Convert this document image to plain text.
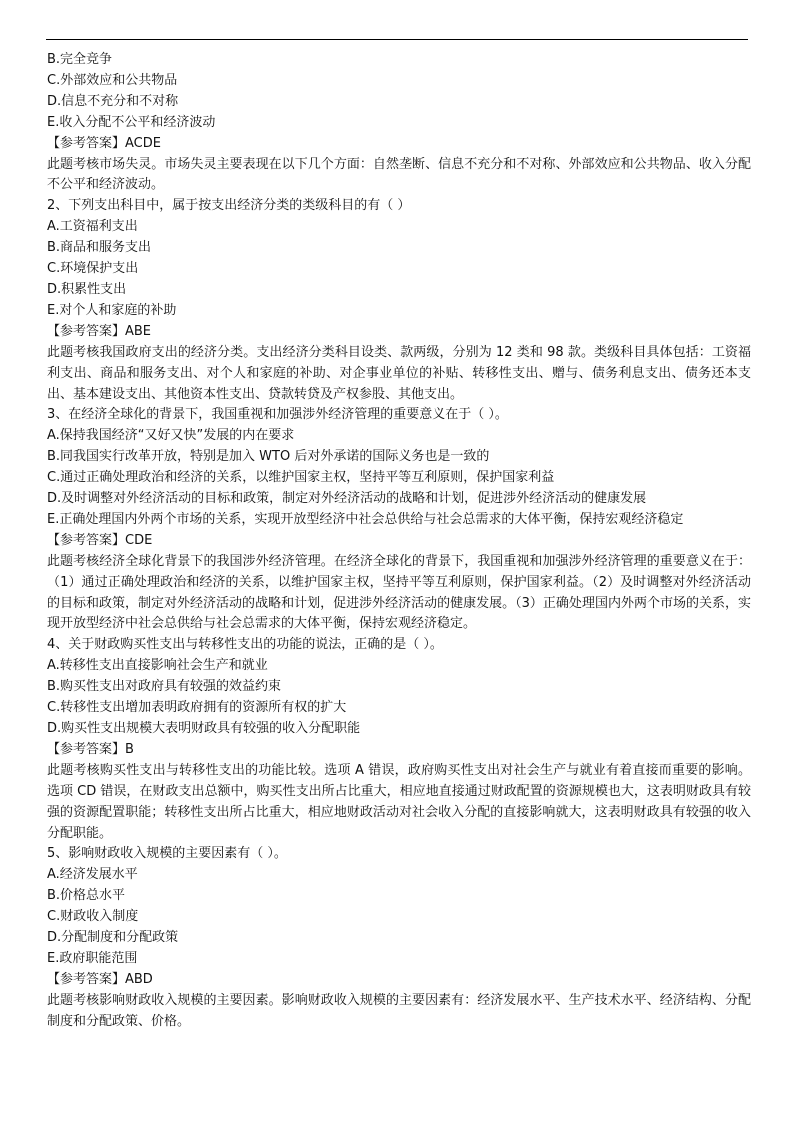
B.完全竞争
C.外部效应和公共物品
D.信息不充分和不对称
E.收入分配不公平和经济波动
【参考答案】ACDE
此题考核市场失灵。市场失灵主要表现在以下几个方面：自然垄断、信息不充分和不对称、外部效应和公共物品、收入分配不公平和经济波动。
2、下列支出科目中，属于按支出经济分类的类级科目的有（ ）
A.工资福利支出
B.商品和服务支出
C.环境保护支出
D.积累性支出
E.对个人和家庭的补助
【参考答案】ABE
此题考核我国政府支出的经济分类。支出经济分类科目设类、款两级，分别为 12 类和 98 款。类级科目具体包括：工资福利支出、商品和服务支出、对个人和家庭的补助、对企事业单位的补贴、转移性支出、赠与、债务利息支出、债务还本支出、基本建设支出、其他资本性支出、贷款转贷及产权参股、其他支出。
3、在经济全球化的背景下，我国重视和加强涉外经济管理的重要意义在于（ ）。
A.保持我国经济“又好又快”发展的内在要求
B.同我国实行改革开放，特别是加入 WTO 后对外承诺的国际义务也是一致的
C.通过正确处理政治和经济的关系，以维护国家主权，坚持平等互利原则，保护国家利益
D.及时调整对外经济活动的目标和政策，制定对外经济活动的战略和计划，促进涉外经济活动的健康发展
E.正确处理国内外两个市场的关系，实现开放型经济中社会总供给与社会总需求的大体平衡，保持宏观经济稳定
【参考答案】CDE
此题考核经济全球化背景下的我国涉外经济管理。在经济全球化的背景下，我国重视和加强涉外经济管理的重要意义在于：（1）通过正确处理政治和经济的关系，以维护国家主权，坚持平等互利原则，保护国家利益。（2）及时调整对外经济活动的目标和政策，制定对外经济活动的战略和计划，促进涉外经济活动的健康发展。（3）正确处理国内外两个市场的关系，实现开放型经济中社会总供给与社会总需求的大体平衡，保持宏观经济稳定。
4、关于财政购买性支出与转移性支出的功能的说法，正确的是（ ）。
A.转移性支出直接影响社会生产和就业
B.购买性支出对政府具有较强的效益约束
C.转移性支出增加表明政府拥有的资源所有权的扩大
D.购买性支出规模大表明财政具有较强的收入分配职能
【参考答案】B
此题考核购买性支出与转移性支出的功能比较。选项 A 错误，政府购买性支出对社会生产与就业有着直接而重要的影响。选项 CD 错误，在财政支出总额中，购买性支出所占比重大，相应地直接通过财政配置的资源规模也大，这表明财政具有较强的资源配置职能；转移性支出所占比重大，相应地财政活动对社会收入分配的直接影响就大，这表明财政具有较强的收入分配职能。
5、影响财政收入规模的主要因素有（ ）。
A.经济发展水平
B.价格总水平
C.财政收入制度
D.分配制度和分配政策
E.政府职能范围
【参考答案】ABD
此题考核影响财政收入规模的主要因素。影响财政收入规模的主要因素有：经济发展水平、生产技术水平、经济结构、分配制度和分配政策、价格。
